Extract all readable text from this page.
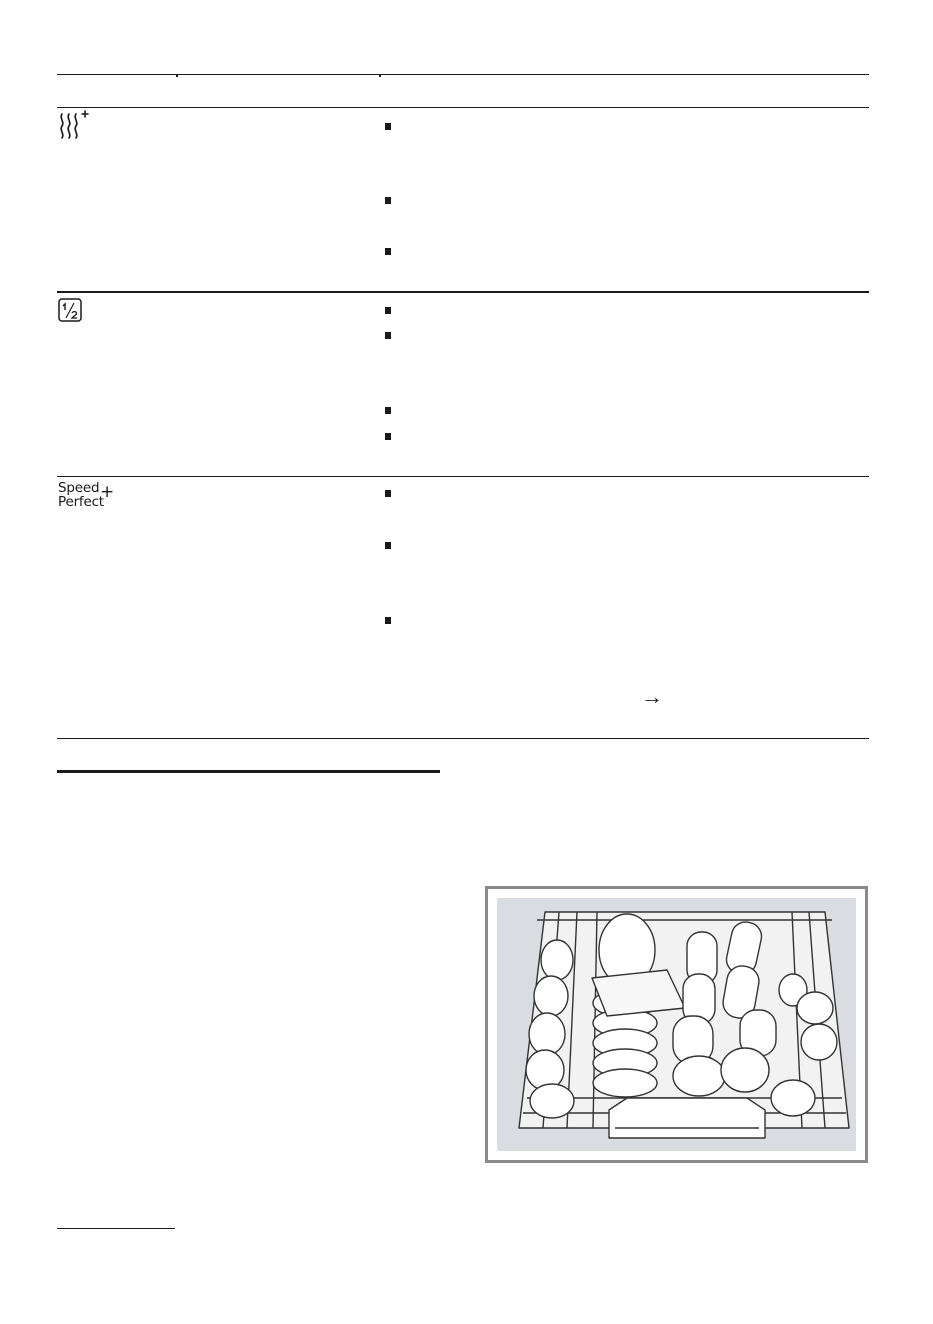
Speed
Perfect
+
→
